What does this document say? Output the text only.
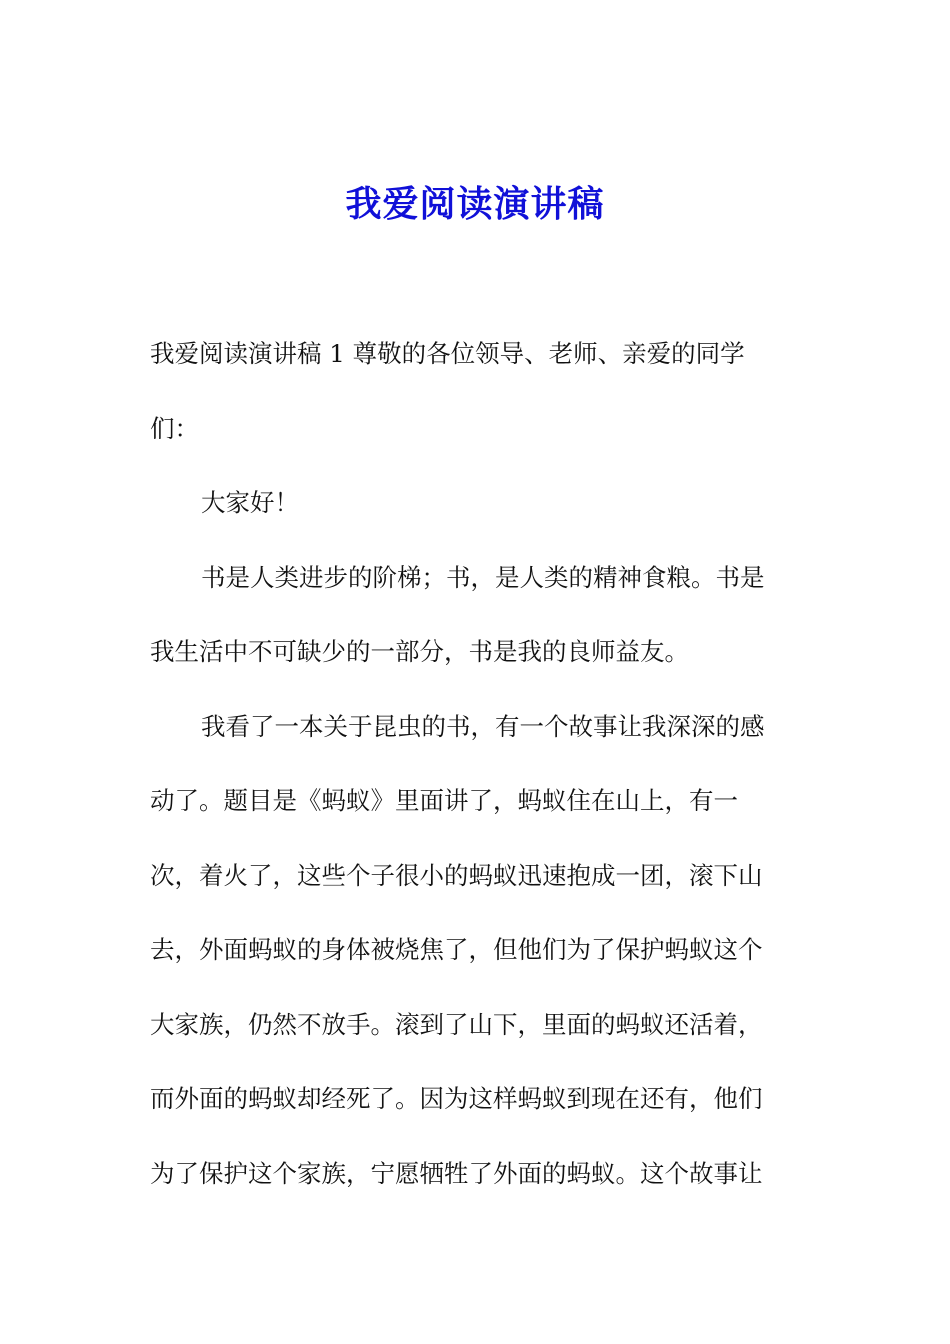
我爱阅读演讲稿
我爱阅读演讲稿 1 尊敬的各位领导、老师、亲爱的同学
们：
大家好！
书是人类进步的阶梯；书，是人类的精神食粮。书是
我生活中不可缺少的一部分，书是我的良师益友。
我看了一本关于昆虫的书，有一个故事让我深深的感
动了。题目是《蚂蚁》里面讲了，蚂蚁住在山上，有一
次，着火了，这些个子很小的蚂蚁迅速抱成一团，滚下山
去，外面蚂蚁的身体被烧焦了，但他们为了保护蚂蚁这个
大家族，仍然不放手。滚到了山下，里面的蚂蚁还活着，
而外面的蚂蚁却经死了。因为这样蚂蚁到现在还有，他们
为了保护这个家族，宁愿牺牲了外面的蚂蚁。这个故事让
